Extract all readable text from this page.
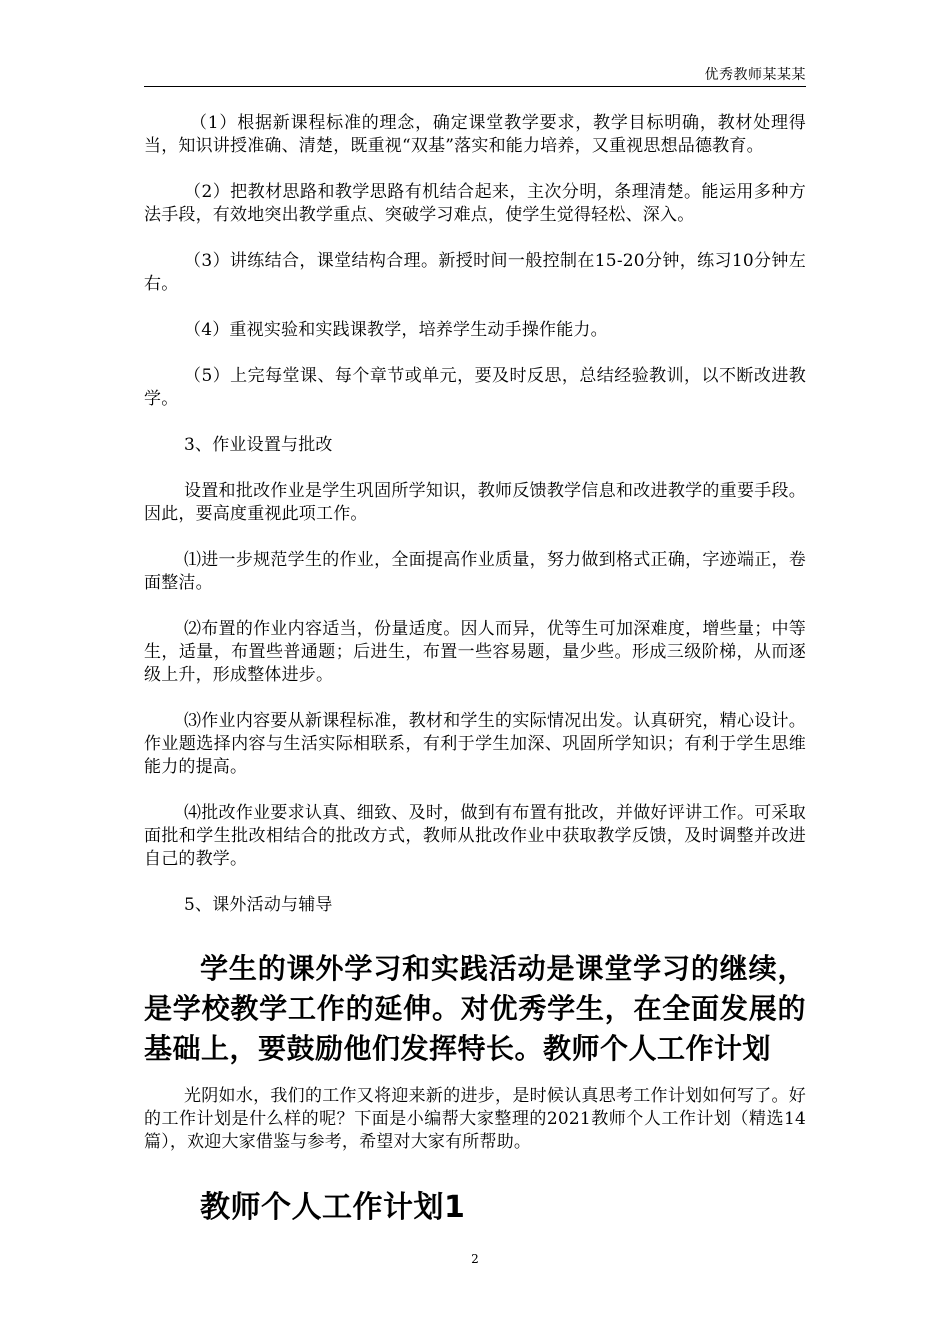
优秀教师某某某

（1）根据新课程标准的理念，确定课堂教学要求，教学目标明确，教材处理得当，知识讲授准确、清楚，既重视“双基”落实和能力培养，又重视思想品德教育。

（2）把教材思路和教学思路有机结合起来，主次分明，条理清楚。能运用多种方法手段，有效地突出教学重点、突破学习难点，使学生觉得轻松、深入。

（3）讲练结合，课堂结构合理。新授时间一般控制在15-20分钟，练习10分钟左右。

（4）重视实验和实践课教学，培养学生动手操作能力。

（5）上完每堂课、每个章节或单元，要及时反思，总结经验教训，以不断改进教学。

3、作业设置与批改

设置和批改作业是学生巩固所学知识，教师反馈教学信息和改进教学的重要手段。因此，要高度重视此项工作。

⑴进一步规范学生的作业，全面提高作业质量，努力做到格式正确，字迹端正，卷面整洁。

⑵布置的作业内容适当，份量适度。因人而异，优等生可加深难度，增些量；中等生，适量，布置些普通题；后进生，布置一些容易题，量少些。形成三级阶梯，从而逐级上升，形成整体进步。

⑶作业内容要从新课程标准，教材和学生的实际情况出发。认真研究，精心设计。作业题选择内容与生活实际相联系，有利于学生加深、巩固所学知识；有利于学生思维能力的提高。

⑷批改作业要求认真、细致、及时，做到有布置有批改，并做好评讲工作。可采取面批和学生批改相结合的批改方式，教师从批改作业中获取教学反馈，及时调整并改进自己的教学。

5、课外活动与辅导

学生的课外学习和实践活动是课堂学习的继续，是学校教学工作的延伸。对优秀学生，在全面发展的基础上，要鼓励他们发挥特长。教师个人工作计划

光阴如水，我们的工作又将迎来新的进步，是时候认真思考工作计划如何写了。好的工作计划是什么样的呢？下面是小编帮大家整理的2021教师个人工作计划（精选14篇），欢迎大家借鉴与参考，希望对大家有所帮助。

教师个人工作计划1
2
